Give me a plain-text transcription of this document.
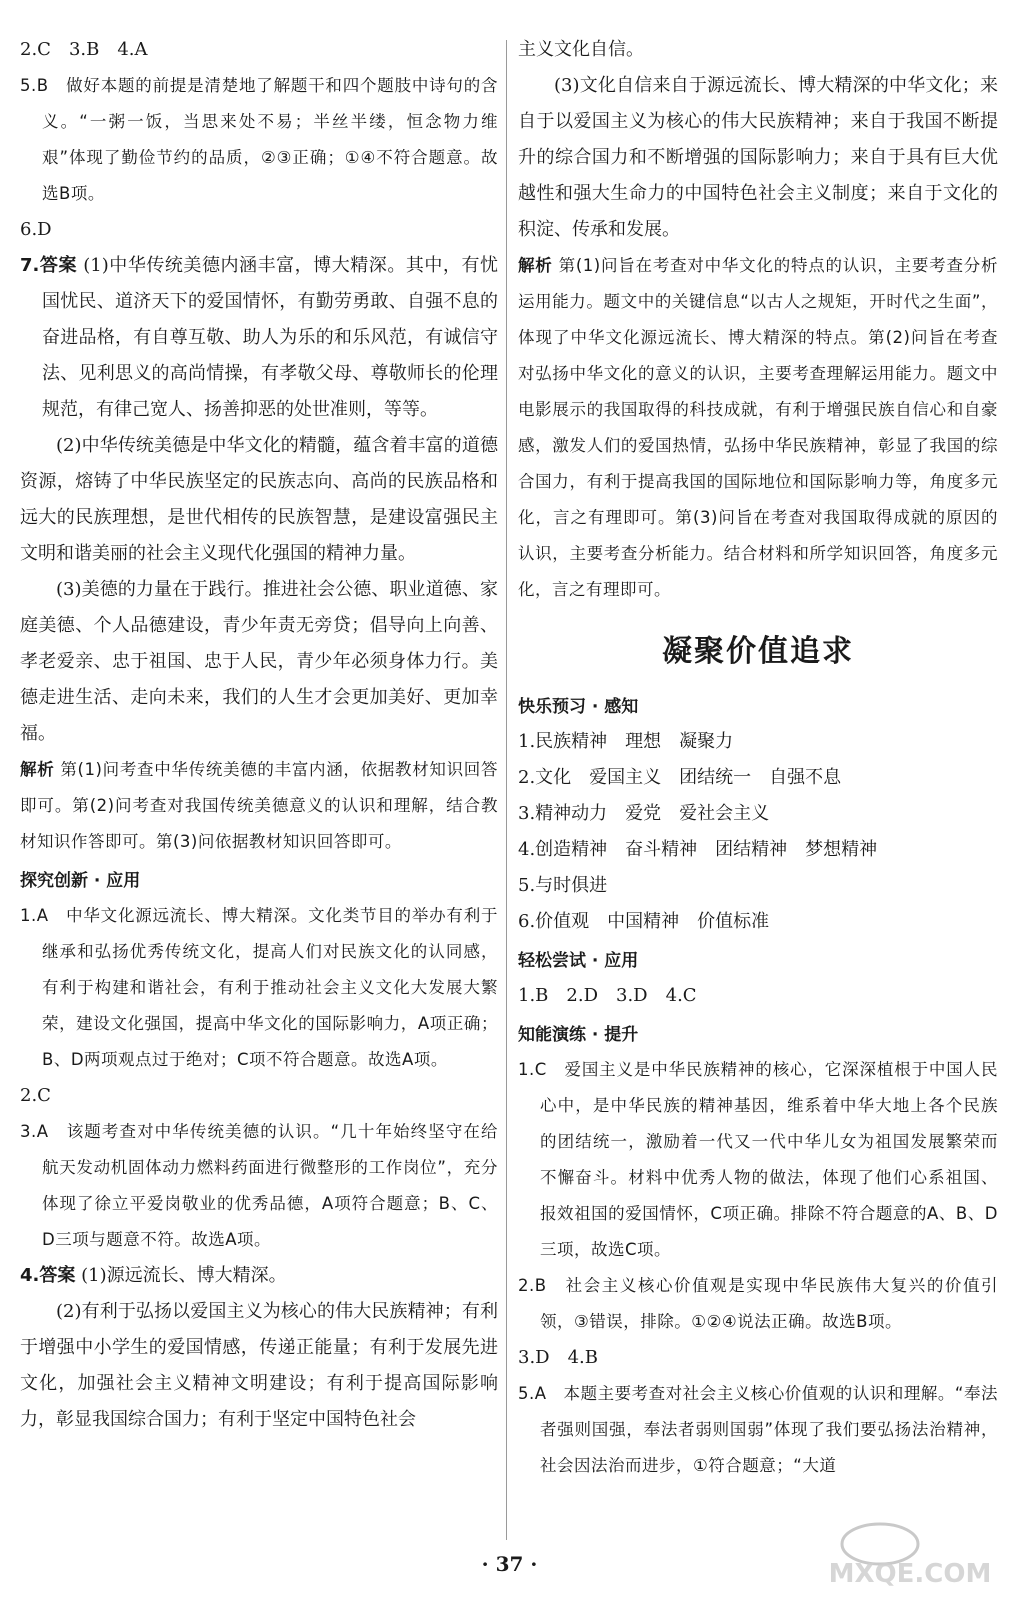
2.C　3.B　4.A

5.B　做好本题的前提是清楚地了解题干和四个题肢中诗句的含义。“一粥一饭，当思来处不易；半丝半缕，恒念物力维艰”体现了勤俭节约的品质，②③正确；①④不符合题意。故选B项。

6.D

7.答案 (1)中华传统美德内涵丰富，博大精深。其中，有忧国忧民、道济天下的爱国情怀，有勤劳勇敢、自强不息的奋进品格，有自尊互敬、助人为乐的和乐风范，有诚信守法、见利思义的高尚情操，有孝敬父母、尊敬师长的伦理规范，有律己宽人、扬善抑恶的处世准则，等等。

(2)中华传统美德是中华文化的精髓，蕴含着丰富的道德资源，熔铸了中华民族坚定的民族志向、高尚的民族品格和远大的民族理想，是世代相传的民族智慧，是建设富强民主文明和谐美丽的社会主义现代化强国的精神力量。

(3)美德的力量在于践行。推进社会公德、职业道德、家庭美德、个人品德建设，青少年责无旁贷；倡导向上向善、孝老爱亲、忠于祖国、忠于人民，青少年必须身体力行。美德走进生活、走向未来，我们的人生才会更加美好、更加幸福。

解析 第(1)问考查中华传统美德的丰富内涵，依据教材知识回答即可。第(2)问考查对我国传统美德意义的认识和理解，结合教材知识作答即可。第(3)问依据教材知识回答即可。

探究创新 · 应用

1.A　中华文化源远流长、博大精深。文化类节目的举办有利于继承和弘扬优秀传统文化，提高人们对民族文化的认同感，有利于构建和谐社会，有利于推动社会主义文化大发展大繁荣，建设文化强国，提高中华文化的国际影响力，A项正确；B、D两项观点过于绝对；C项不符合题意。故选A项。

2.C

3.A　该题考查对中华传统美德的认识。“几十年始终坚守在给航天发动机固体动力燃料药面进行微整形的工作岗位”，充分体现了徐立平爱岗敬业的优秀品德，A项符合题意；B、C、D三项与题意不符。故选A项。

4.答案 (1)源远流长、博大精深。

(2)有利于弘扬以爱国主义为核心的伟大民族精神；有利于增强中小学生的爱国情感，传递正能量；有利于发展先进文化，加强社会主义精神文明建设；有利于提高国际影响力，彰显我国综合国力；有利于坚定中国特色社会

主义文化自信。

(3)文化自信来自于源远流长、博大精深的中华文化；来自于以爱国主义为核心的伟大民族精神；来自于我国不断提升的综合国力和不断增强的国际影响力；来自于具有巨大优越性和强大生命力的中国特色社会主义制度；来自于文化的积淀、传承和发展。

解析 第(1)问旨在考查对中华文化的特点的认识，主要考查分析运用能力。题文中的关键信息“以古人之规矩，开时代之生面”，体现了中华文化源远流长、博大精深的特点。第(2)问旨在考查对弘扬中华文化的意义的认识，主要考查理解运用能力。题文中电影展示的我国取得的科技成就，有利于增强民族自信心和自豪感，激发人们的爱国热情，弘扬中华民族精神，彰显了我国的综合国力，有利于提高我国的国际地位和国际影响力等，角度多元化，言之有理即可。第(3)问旨在考查对我国取得成就的原因的认识，主要考查分析能力。结合材料和所学知识回答，角度多元化，言之有理即可。

凝聚价值追求

快乐预习 · 感知

1.民族精神　理想　凝聚力

2.文化　爱国主义　团结统一　自强不息

3.精神动力　爱党　爱社会主义

4.创造精神　奋斗精神　团结精神　梦想精神

5.与时俱进

6.价值观　中国精神　价值标准

轻松尝试 · 应用

1.B　2.D　3.D　4.C

知能演练 · 提升

1.C　爱国主义是中华民族精神的核心，它深深植根于中国人民心中，是中华民族的精神基因，维系着中华大地上各个民族的团结统一，激励着一代又一代中华儿女为祖国发展繁荣而不懈奋斗。材料中优秀人物的做法，体现了他们心系祖国、报效祖国的爱国情怀，C项正确。排除不符合题意的A、B、D三项，故选C项。

2.B　社会主义核心价值观是实现中华民族伟大复兴的价值引领，③错误，排除。①②④说法正确。故选B项。

3.D　4.B

5.A　本题主要考查对社会主义核心价值观的认识和理解。“奉法者强则国强，奉法者弱则国弱”体现了我们要弘扬法治精神，社会因法治而进步，①符合题意；“大道

· 37 ·	MXQE.COM
